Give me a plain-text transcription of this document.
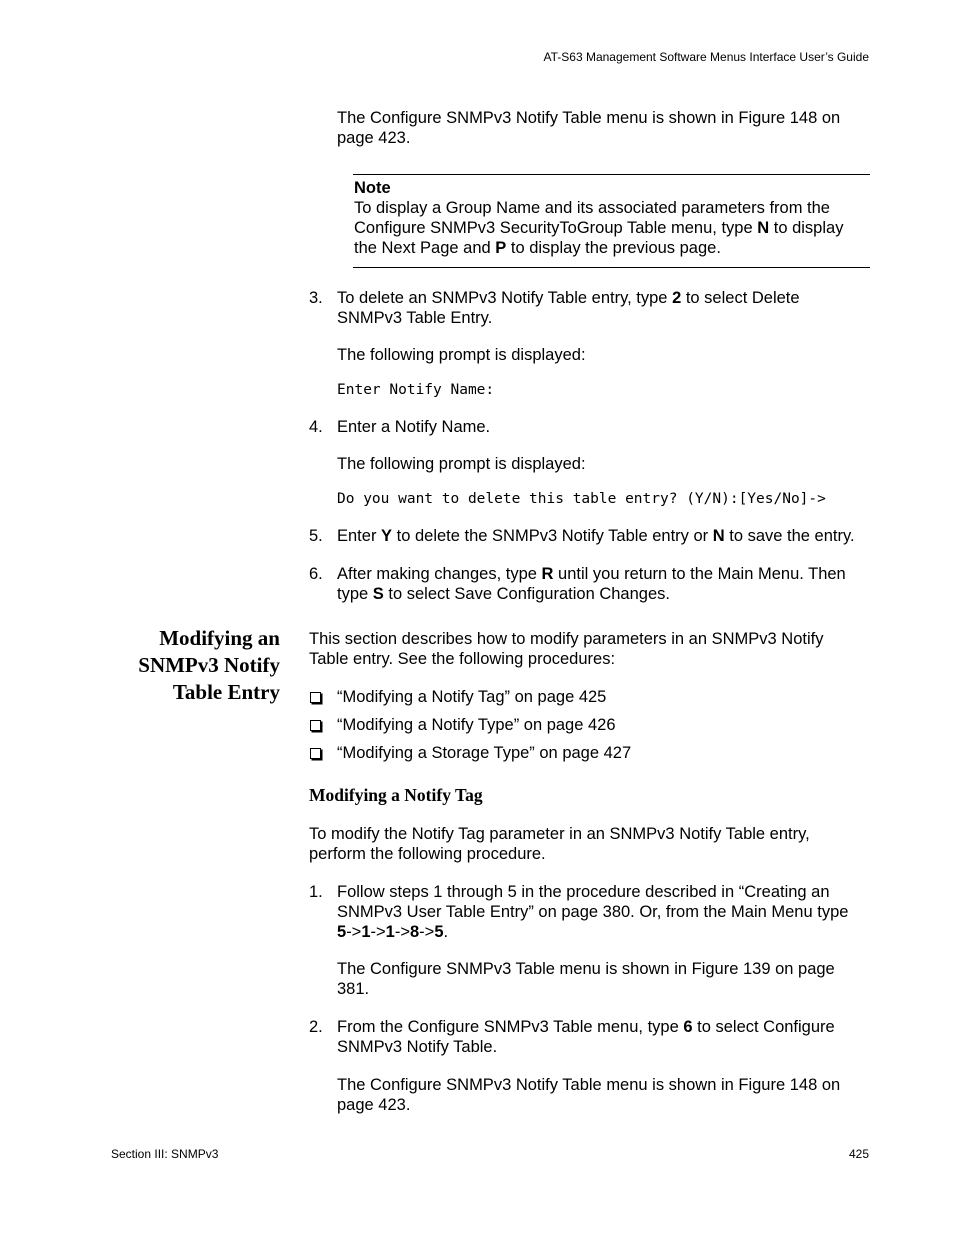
AT-S63 Management Software Menus Interface User’s Guide
The Configure SNMPv3 Notify Table menu is shown in Figure 148 on
page 423.
Note
To display a Group Name and its associated parameters from the
Configure SNMPv3 SecurityToGroup Table menu, type N to display
the Next Page and P to display the previous page.
3. To delete an SNMPv3 Notify Table entry, type 2 to select Delete
SNMPv3 Table Entry.
The following prompt is displayed:
Enter Notify Name:
4. Enter a Notify Name.
The following prompt is displayed:
Do you want to delete this table entry? (Y/N):[Yes/No]->
5. Enter Y to delete the SNMPv3 Notify Table entry or N to save the entry.
6. After making changes, type R until you return to the Main Menu. Then
type S to select Save Configuration Changes.
Modifying an
SNMPv3 Notify
Table Entry
This section describes how to modify parameters in an SNMPv3 Notify
Table entry. See the following procedures:
“Modifying a Notify Tag” on page 425
“Modifying a Notify Type” on page 426
“Modifying a Storage Type” on page 427
Modifying a Notify Tag
To modify the Notify Tag parameter in an SNMPv3 Notify Table entry,
perform the following procedure.
1. Follow steps 1 through 5 in the procedure described in “Creating an
SNMPv3 User Table Entry” on page 380. Or, from the Main Menu type
5->1->1->8->5.
The Configure SNMPv3 Table menu is shown in Figure 139 on page
381.
2. From the Configure SNMPv3 Table menu, type 6 to select Configure
SNMPv3 Notify Table.
The Configure SNMPv3 Notify Table menu is shown in Figure 148 on
page 423.
Section III: SNMPv3	425
